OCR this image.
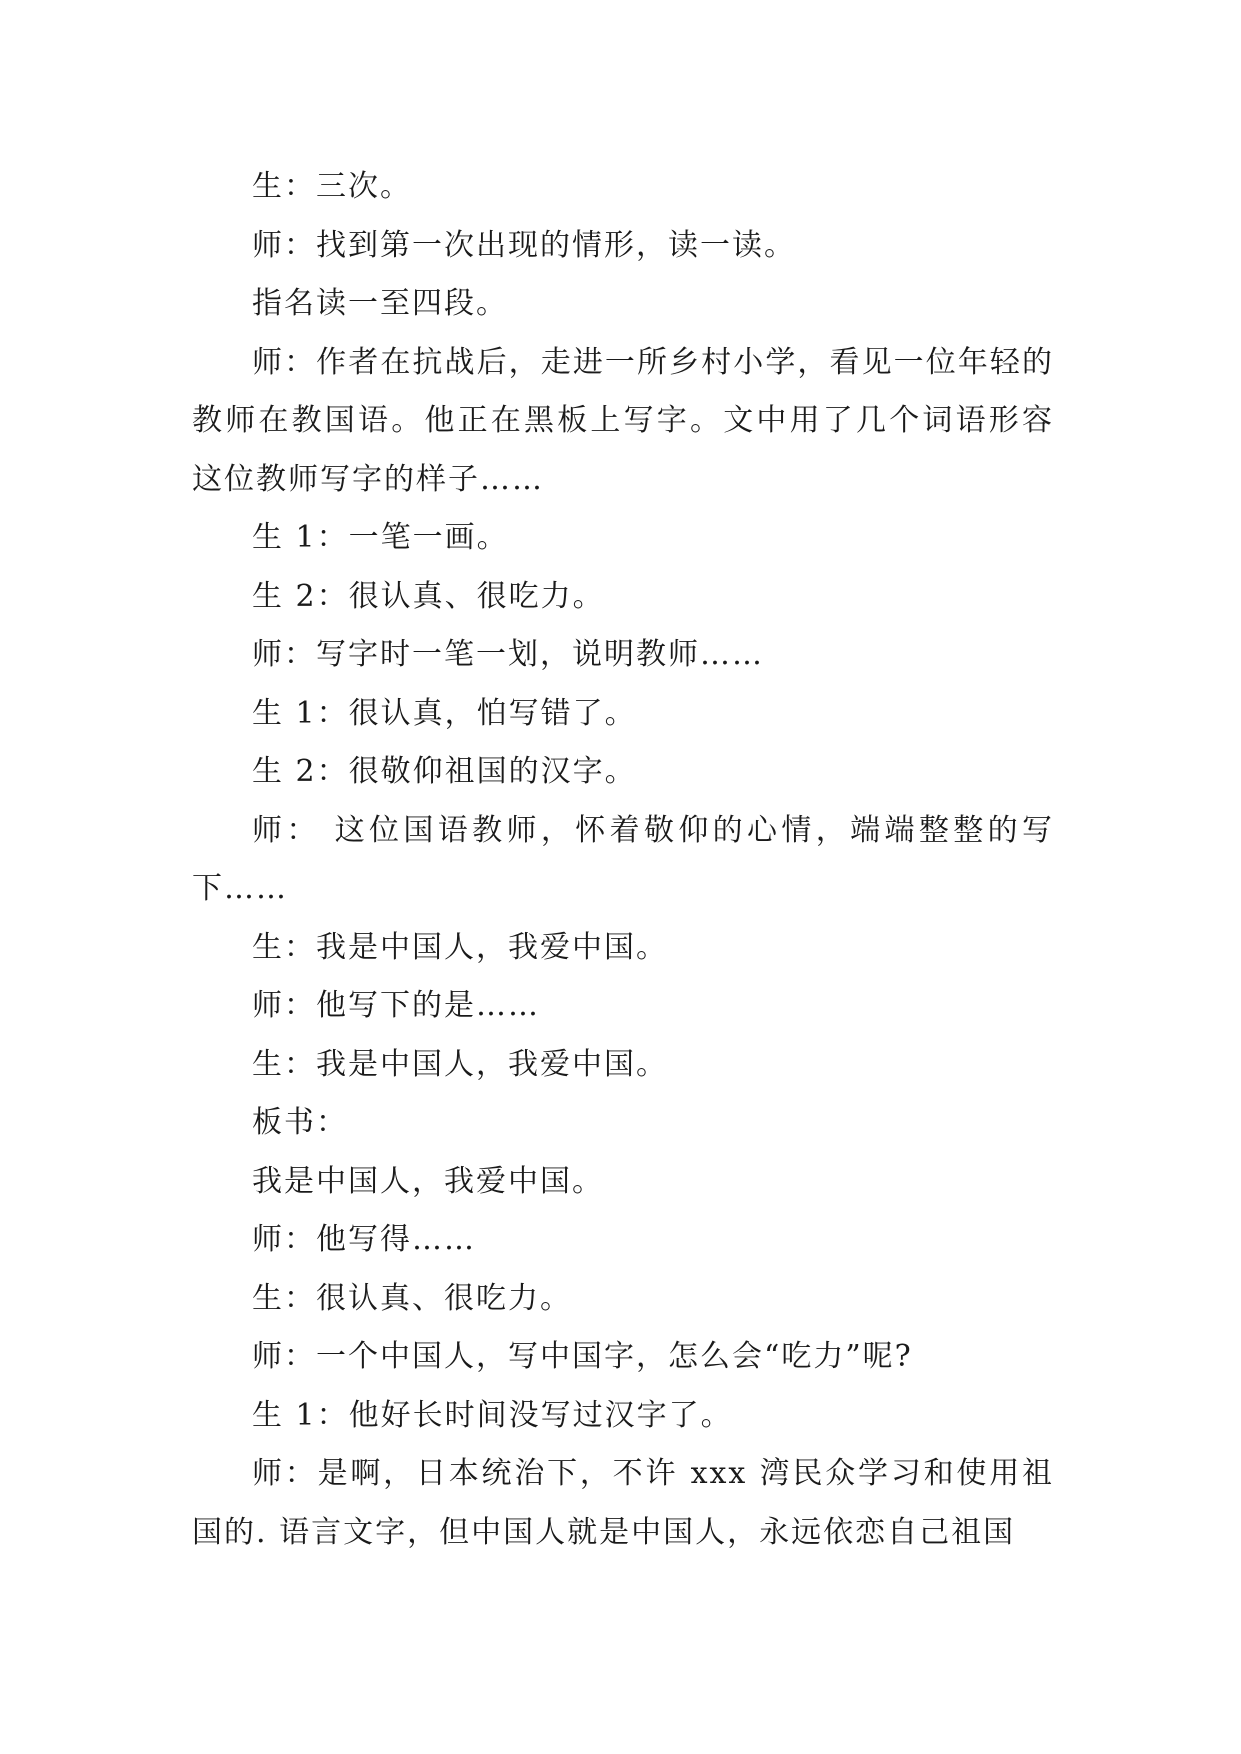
生：三次。

师：找到第一次出现的情形，读一读。

指名读一至四段。

师：作者在抗战后，走进一所乡村小学，看见一位年轻的教师在教国语。他正在黑板上写字。文中用了几个词语形容这位教师写字的样子……

生 1：一笔一画。

生 2：很认真、很吃力。

师：写字时一笔一划，说明教师……

生 1：很认真，怕写错了。

生 2：很敬仰祖国的汉字。

师： 这位国语教师，怀着敬仰的心情，端端整整的写下……

生：我是中国人，我爱中国。

师：他写下的是……

生：我是中国人，我爱中国。

板书：

我是中国人，我爱中国。

师：他写得……

生：很认真、很吃力。

师：一个中国人，写中国字，怎么会“吃力”呢?

生 1：他好长时间没写过汉字了。

师：是啊，日本统治下，不许 xxx 湾民众学习和使用祖国的. 语言文字，但中国人就是中国人，永远依恋自己祖国
